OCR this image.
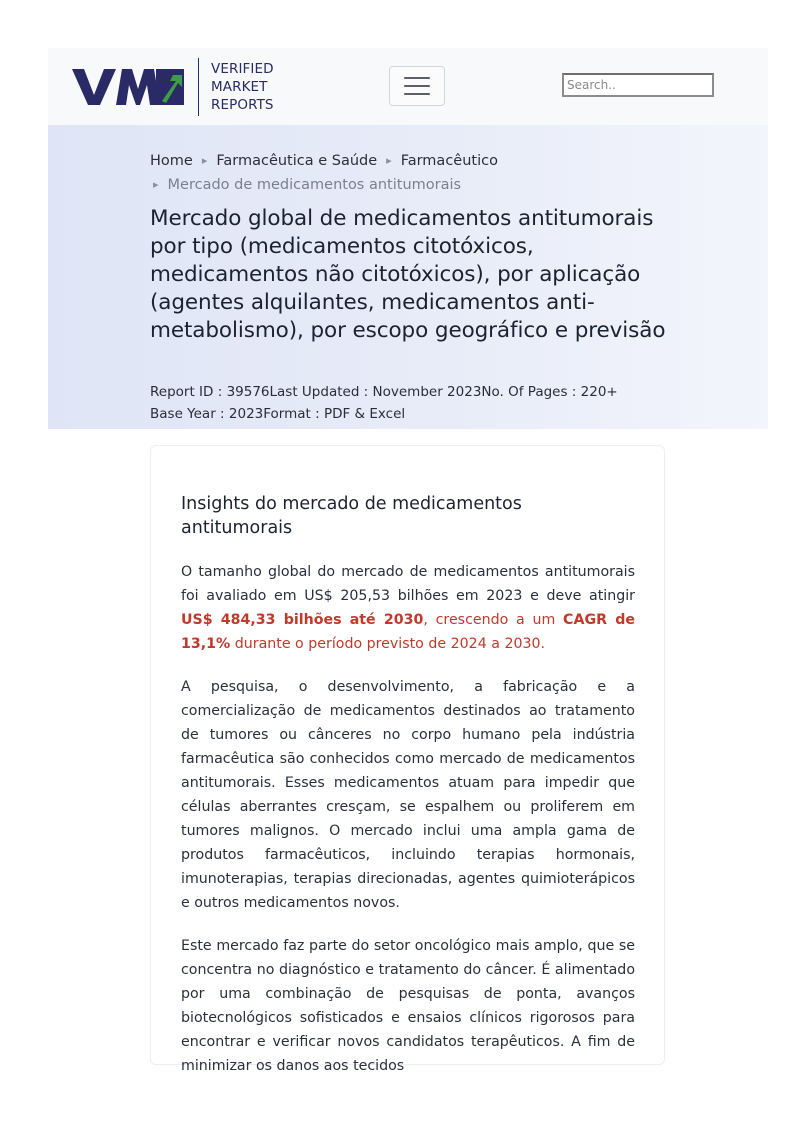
VERIFIED
MARKET
REPORTS
Search..
Home ▸ Farmacêutica e Saúde ▸ Farmacêutico
▸ Mercado de medicamentos antitumorais
Mercado global de medicamentos antitumorais por tipo (medicamentos citotóxicos, medicamentos não citotóxicos), por aplicação (agentes alquilantes, medicamentos anti-metabolismo), por escopo geográfico e previsão
Report ID : 39576Last Updated : November 2023No. Of Pages : 220+
Base Year : 2023Format : PDF & Excel
Insights do mercado de medicamentos antitumorais

O tamanho global do mercado de medicamentos antitumorais foi avaliado em US$ 205,53 bilhões em 2023 e deve atingir US$ 484,33 bilhões até 2030, crescendo a um CAGR de 13,1% durante o período previsto de 2024 a 2030.

A pesquisa, o desenvolvimento, a fabricação e a comercialização de medicamentos destinados ao tratamento de tumores ou cânceres no corpo humano pela indústria farmacêutica são conhecidos como mercado de medicamentos antitumorais. Esses medicamentos atuam para impedir que células aberrantes cresçam, se espalhem ou proliferem em tumores malignos. O mercado inclui uma ampla gama de produtos farmacêuticos, incluindo terapias hormonais, imunoterapias, terapias direcionadas, agentes quimioterápicos e outros medicamentos novos.

Este mercado faz parte do setor oncológico mais amplo, que se concentra no diagnóstico e tratamento do câncer. É alimentado por uma combinação de pesquisas de ponta, avanços biotecnológicos sofisticados e ensaios clínicos rigorosos para encontrar e verificar novos candidatos terapêuticos. A fim de minimizar os danos aos tecidos
